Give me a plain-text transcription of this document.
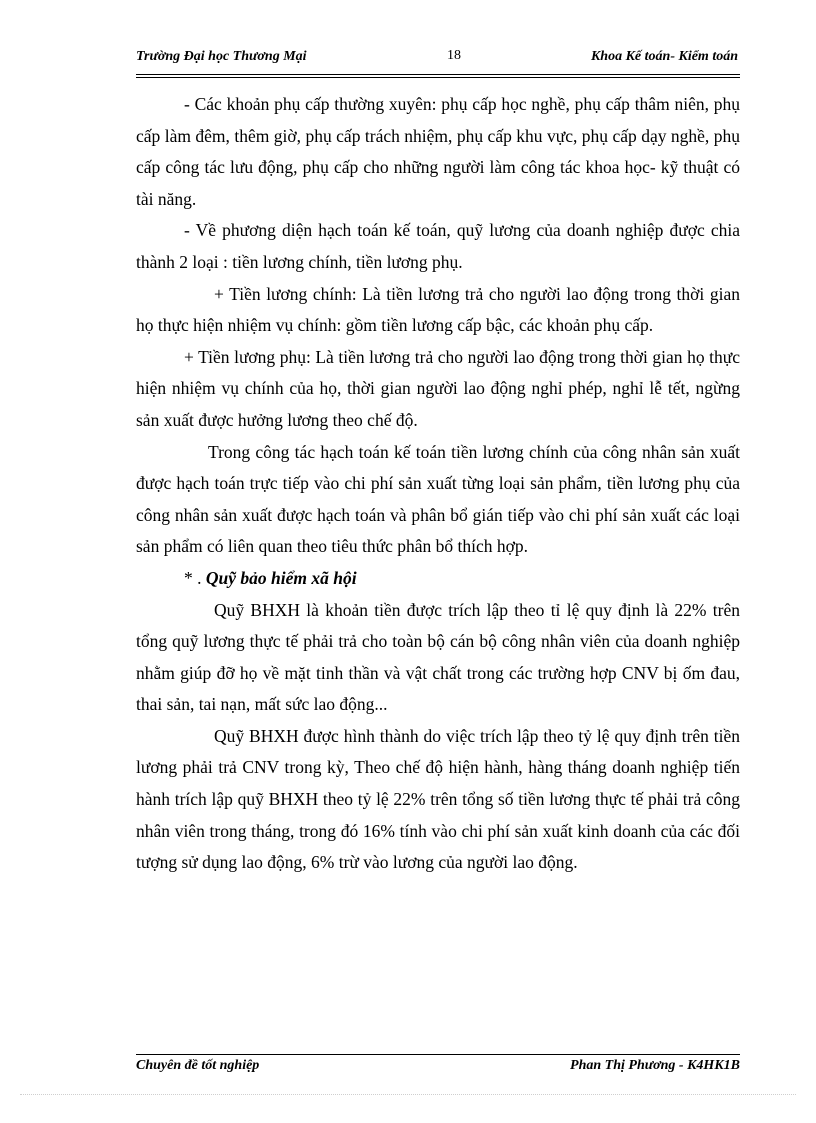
Trường Đại học Thương Mại	18	Khoa Kế toán- Kiểm toán

- Các khoản phụ cấp thường xuyên: phụ cấp học nghề, phụ cấp thâm niên, phụ cấp làm đêm, thêm giờ, phụ cấp trách nhiệm, phụ cấp khu vực, phụ cấp dạy nghề, phụ cấp công tác lưu động, phụ cấp cho những người làm công tác khoa học- kỹ thuật có tài năng.

- Về phương diện hạch toán kế toán, quỹ lương của doanh nghiệp được chia thành 2 loại : tiền lương chính, tiền lương phụ.

+ Tiền lương chính: Là tiền lương trả cho người lao động trong thời gian họ thực hiện nhiệm vụ chính: gồm tiền lương cấp bậc, các khoản phụ cấp.

+ Tiền lương phụ: Là tiền lương trả cho người lao động trong thời gian họ thực hiện nhiệm vụ chính của họ, thời gian người lao động nghỉ phép, nghỉ lễ tết, ngừng sản xuất được hưởng lương theo chế độ.

Trong công tác hạch toán kế toán tiền lương chính của công nhân sản xuất được hạch toán trực tiếp vào chi phí sản xuất từng loại sản phẩm, tiền lương phụ của công nhân sản xuất được hạch toán và phân bổ gián tiếp vào chi phí sản xuất các loại sản phẩm có liên quan theo tiêu thức phân bổ thích hợp.

* . Quỹ bảo hiểm xã hội

Quỹ BHXH là khoản tiền được trích lập theo tỉ lệ quy định là 22% trên tổng quỹ lương thực tế phải trả cho toàn bộ cán bộ công nhân viên của doanh nghiệp nhằm giúp đỡ họ về mặt tinh thần và vật chất trong các trường hợp CNV bị ốm đau, thai sản, tai nạn, mất sức lao động...

Quỹ BHXH được hình thành do việc trích lập theo tỷ lệ quy định trên tiền lương phải trả CNV trong kỳ, Theo chế độ hiện hành, hàng tháng doanh nghiệp tiến hành trích lập quỹ BHXH theo tỷ lệ 22% trên tổng số tiền lương thực tế phải trả công nhân viên trong tháng, trong đó 16% tính vào chi phí sản xuất kinh doanh của các đối tượng sử dụng lao động, 6% trừ vào lương của người lao động.

Chuyên đề tốt nghiệp	Phan Thị Phương - K4HK1B
